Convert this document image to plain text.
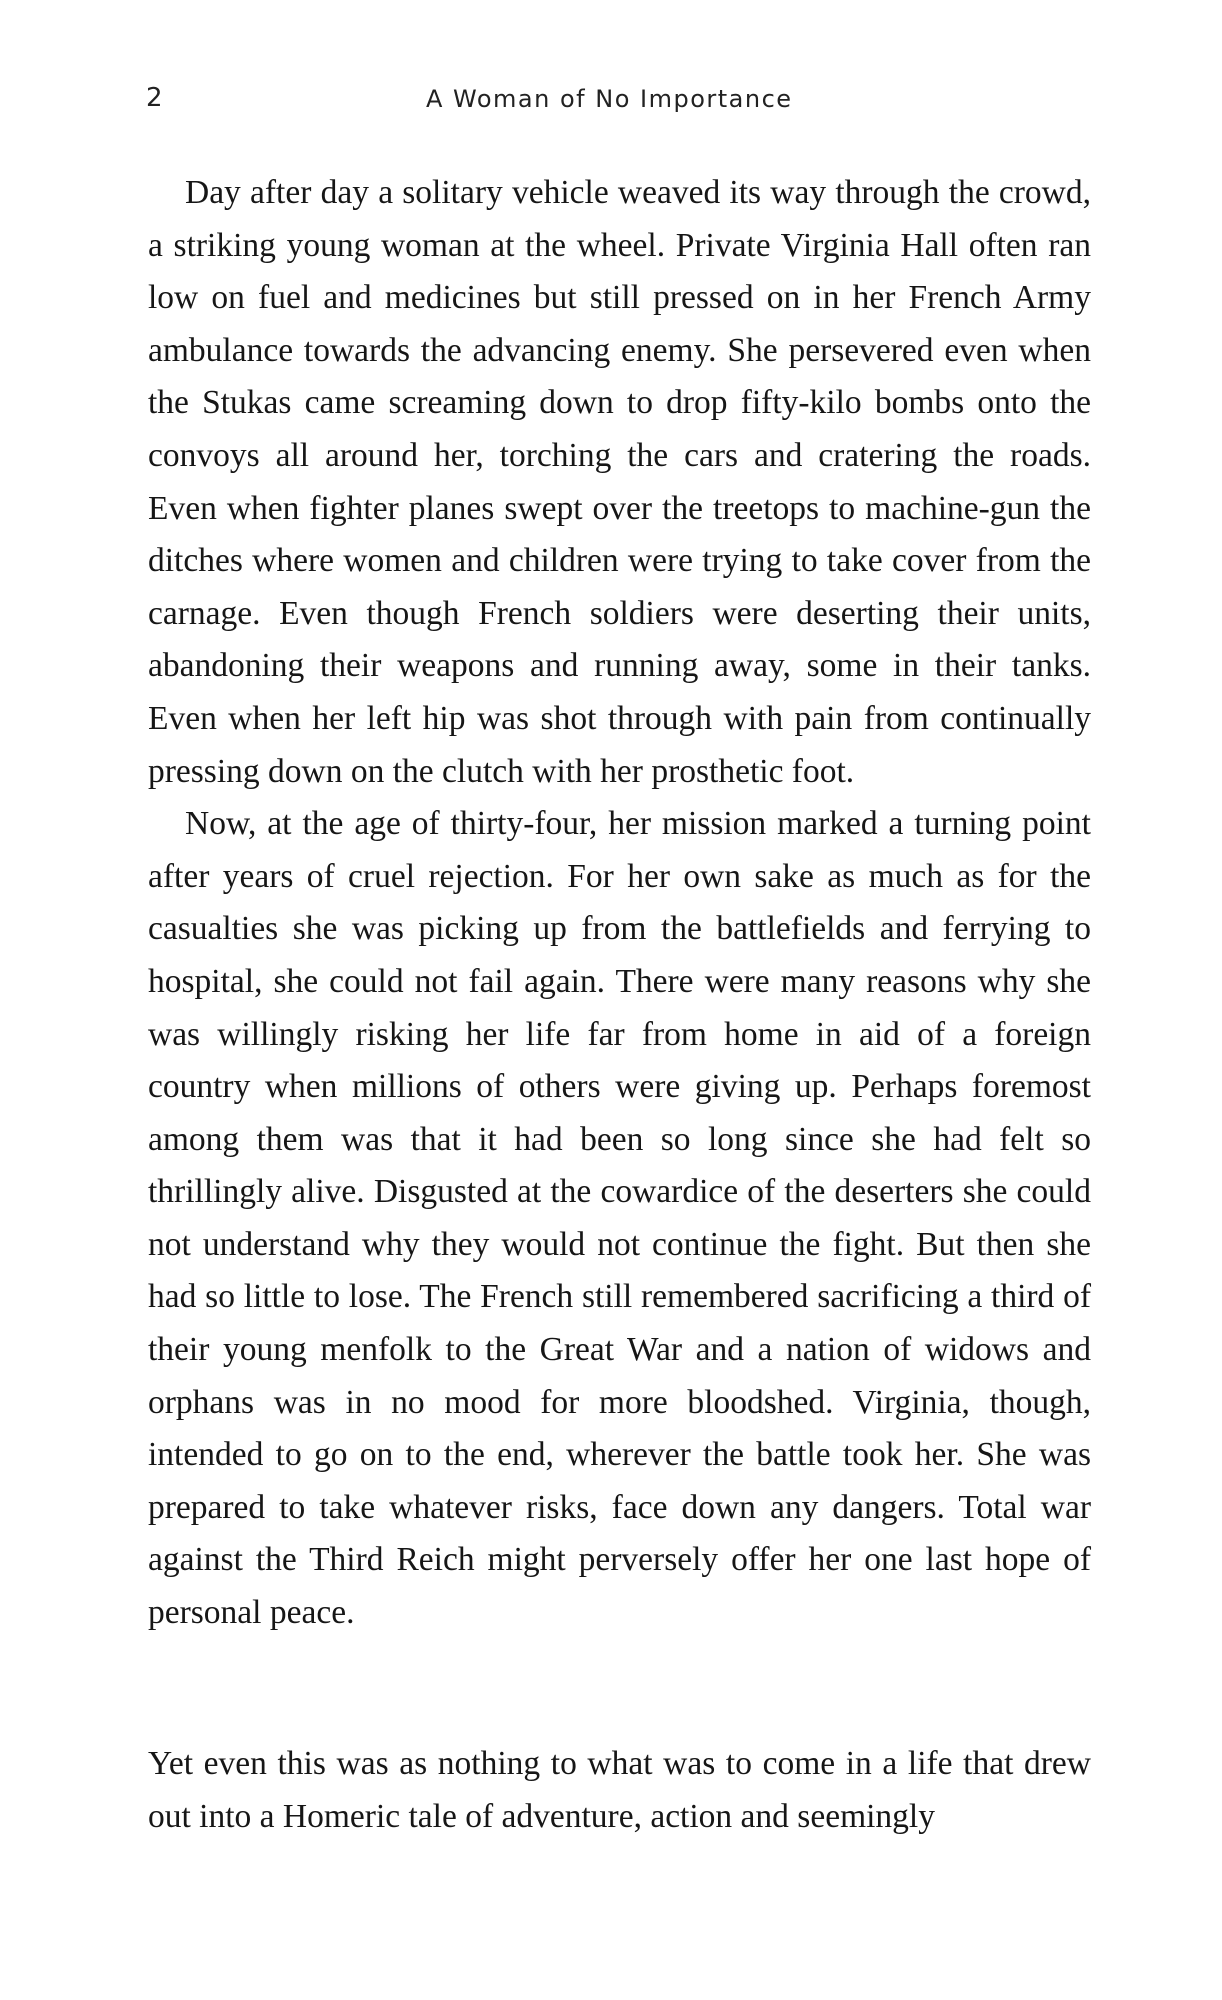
2	A Woman of No Importance

Day after day a solitary vehicle weaved its way through the crowd, a striking young woman at the wheel. Private Virginia Hall often ran low on fuel and medicines but still pressed on in her French Army ambulance towards the advancing enemy. She persevered even when the Stukas came screaming down to drop fifty-kilo bombs onto the convoys all around her, torching the cars and cratering the roads. Even when fighter planes swept over the treetops to machine-gun the ditches where women and children were trying to take cover from the carnage. Even though French soldiers were deserting their units, abandoning their weapons and running away, some in their tanks. Even when her left hip was shot through with pain from continually pressing down on the clutch with her prosthetic foot.

Now, at the age of thirty-four, her mission marked a turning point after years of cruel rejection. For her own sake as much as for the casualties she was picking up from the battlefields and ferrying to hospital, she could not fail again. There were many reasons why she was willingly risking her life far from home in aid of a foreign country when millions of others were giving up. Perhaps foremost among them was that it had been so long since she had felt so thrillingly alive. Disgusted at the cowardice of the deserters she could not understand why they would not continue the fight. But then she had so little to lose. The French still remembered sacrificing a third of their young menfolk to the Great War and a nation of widows and orphans was in no mood for more bloodshed. Virginia, though, intended to go on to the end, wherever the battle took her. She was prepared to take whatever risks, face down any dangers. Total war against the Third Reich might perversely offer her one last hope of personal peace.

Yet even this was as nothing to what was to come in a life that drew out into a Homeric tale of adventure, action and seemingly
